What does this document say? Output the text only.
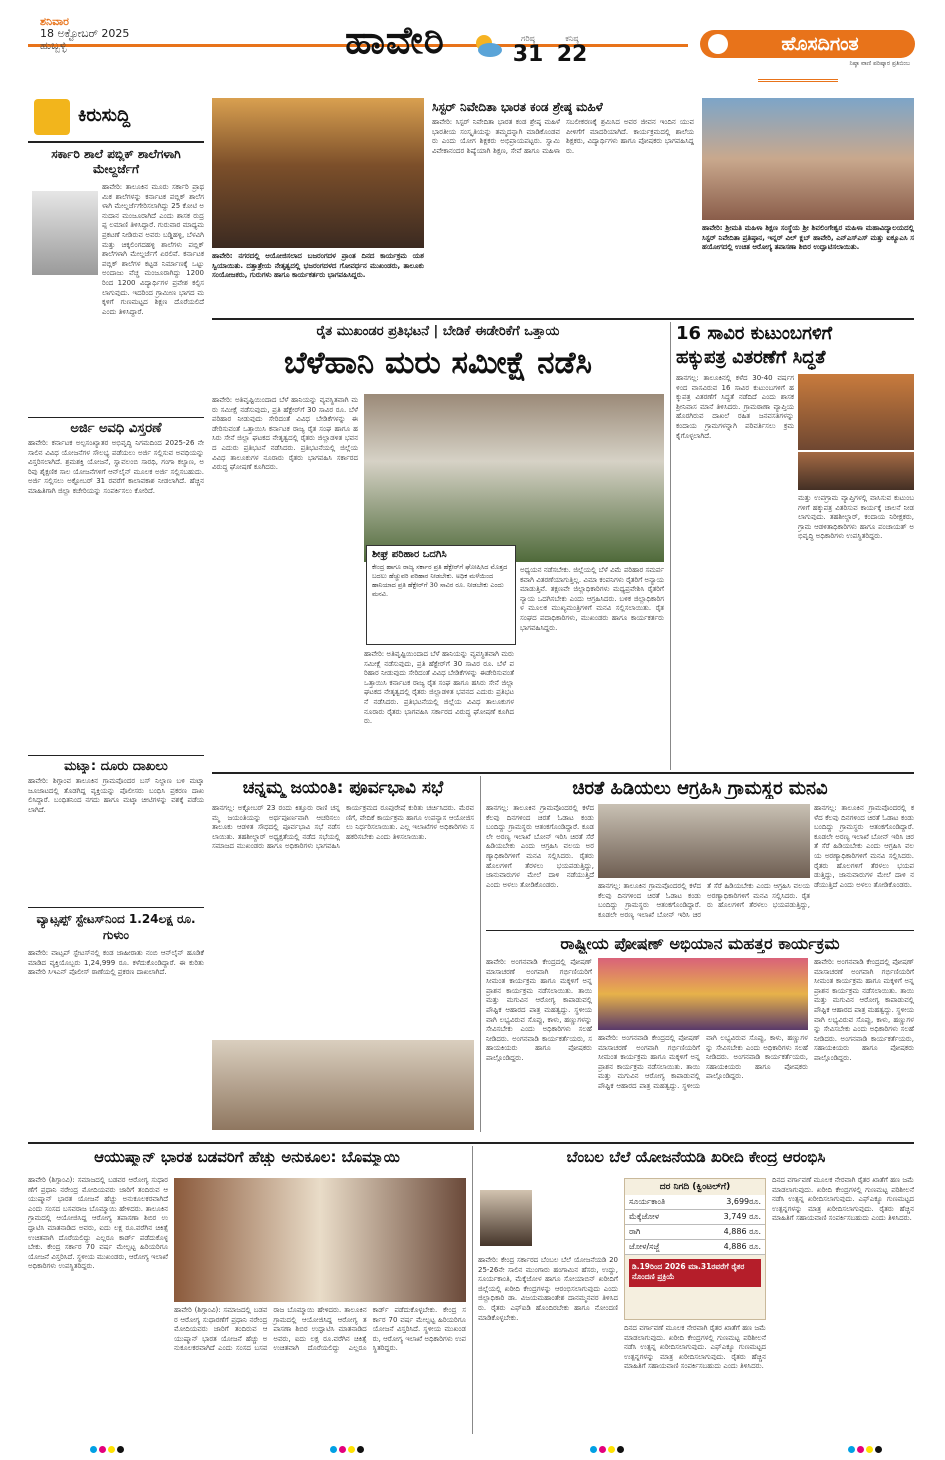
ಶನಿವಾರ
18 ಅಕ್ಟೋಬರ್ 2025
ಹುಬ್ಬಳ್ಳಿ	ಹಾವೇರಿ	ಗರಿಷ್ಠ
31
ಕನಿಷ್ಠ
22	ಹೊಸದಿಗಂತ
ನಿಷ್ಠಾ ವಾಣಿ ಪರಿಷ್ಕಾರ ಪ್ರತಿಬಿಂಬ
ಕಿರುಸುದ್ದಿ
ಸರ್ಕಾರಿ ಶಾಲೆ ಪಬ್ಲಿಕ್ ಶಾಲೆಗಳಾಗಿ ಮೇಲ್ದರ್ಜೆಗೆ
ಹಾವೇರಿ: ತಾಲೂಕಿನ ಮೂರು ಸರ್ಕಾರಿ ಪ್ರಾಥಮಿಕ ಶಾಲೆಗಳನ್ನು ಕರ್ನಾಟಕ ಪಬ್ಲಿಕ್ ಶಾಲೆಗಳಾಗಿ ಮೇಲ್ದರ್ಜೆಗೇರಿಸಲಾಗಿದ್ದು 25 ಕೋಟಿ ಅನುದಾನ ಮಂಜೂರಾಗಿದೆ ಎಂದು ಶಾಸಕ ರುದ್ರಪ್ಪ ಲಮಾಣಿ ತಿಳಿಸಿದ್ದಾರೆ. ಗುರುವಾರ ಮಾಧ್ಯಮ ಪ್ರಕಟಣೆ ನೀಡಿರುವ ಅವರು ಬಡ್ಡಿಹಳ್ಳಿ, ಬೆಳವಿಗಿ ಮತ್ತು ಚಿಕ್ಕಲಿಂಗದಹಳ್ಳಿ ಶಾಲೆಗಳು ಪಬ್ಲಿಕ್ ಶಾಲೆಗಳಾಗಿ ಮೇಲ್ದರ್ಜೆಗೆ ಏರಲಿವೆ. ಕರ್ನಾಟಕ ಪಬ್ಲಿಕ್ ಶಾಲೆಗಳ ಕಟ್ಟಡ ನಿರ್ಮಾಣಕ್ಕೆ ಒಟ್ಟು ಅಂದಾಜು ವೆಚ್ಚ ಮಂಜೂರಾಗಿದ್ದು 1200 ರಿಂದ 1200 ವಿದ್ಯಾರ್ಥಿಗಳ ಪ್ರವೇಶ ಕಲ್ಪಿಸಲಾಗುವುದು. ಇದರಿಂದ ಗ್ರಾಮೀಣ ಭಾಗದ ಮಕ್ಕಳಿಗೆ ಗುಣಮಟ್ಟದ ಶಿಕ್ಷಣ ದೊರೆಯಲಿದೆ ಎಂದು ತಿಳಿಸಿದ್ದಾರೆ.
ಅರ್ಜಿ ಅವಧಿ ವಿಸ್ತರಣೆ
ಹಾವೇರಿ: ಕರ್ನಾಟಕ ಅಲ್ಪಸಂಖ್ಯಾತರ ಅಭಿವೃದ್ಧಿ ನಿಗಮದಿಂದ 2025-26 ನೇ ಸಾಲಿನ ವಿವಿಧ ಯೋಜನೆಗಳ ಸೌಲಭ್ಯ ಪಡೆಯಲು ಅರ್ಜಿ ಸಲ್ಲಿಸುವ ಅವಧಿಯನ್ನು ವಿಸ್ತರಿಸಲಾಗಿದೆ. ಶ್ರಮಶಕ್ತಿ ಯೋಜನೆ, ಸ್ವಾವಲಂಬಿ ಸಾರಥಿ, ಗಂಗಾ ಕಲ್ಯಾಣ, ಅರಿವು ಶೈಕ್ಷಣಿಕ ಸಾಲ ಯೋಜನೆಗಳಿಗೆ ಆನ್‌ಲೈನ್ ಮೂಲಕ ಅರ್ಜಿ ಸಲ್ಲಿಸಬಹುದು. ಅರ್ಜಿ ಸಲ್ಲಿಸಲು ಅಕ್ಟೋಬರ್ 31 ರವರೆಗೆ ಕಾಲಾವಕಾಶ ನೀಡಲಾಗಿದೆ. ಹೆಚ್ಚಿನ ಮಾಹಿತಿಗಾಗಿ ಜಿಲ್ಲಾ ಕಚೇರಿಯನ್ನು ಸಂಪರ್ಕಿಸಲು ಕೋರಿದೆ.
ಮಟ್ಕಾ: ದೂರು ದಾಖಲು
ಹಾವೇರಿ: ಶಿಗ್ಗಾಂವ ತಾಲೂಕಿನ ಗ್ರಾಮವೊಂದರ ಬಸ್ ನಿಲ್ದಾಣ ಬಳಿ ಮಟ್ಕಾ ಜೂಜಾಟದಲ್ಲಿ ತೊಡಗಿದ್ದ ವ್ಯಕ್ತಿಯನ್ನು ಪೊಲೀಸರು ಬಂಧಿಸಿ ಪ್ರಕರಣ ದಾಖಲಿಸಿದ್ದಾರೆ. ಬಂಧಿತನಿಂದ ನಗದು ಹಾಗೂ ಮಟ್ಕಾ ಚೀಟಿಗಳನ್ನು ವಶಕ್ಕೆ ಪಡೆಯಲಾಗಿದೆ.
ವ್ಯಾಟ್ಸಪ್ಪ್ ಸ್ಟೇಟಸ್‌ನಿಂದ 1.24ಲಕ್ಷ ರೂ. ಗುಳುಂ
ಹಾವೇರಿ: ವಾಟ್ಸಪ್ ಸ್ಟೇಟಸ್‌ನಲ್ಲಿ ಕಂಡ ಜಾಹೀರಾತು ನಂಬಿ ಆನ್‌ಲೈನ್ ಹೂಡಿಕೆ ಮಾಡಿದ ವ್ಯಕ್ತಿಯೊಬ್ಬರು 1,24,999 ರೂ. ಕಳೆದುಕೊಂಡಿದ್ದಾರೆ. ಈ ಕುರಿತು ಹಾವೇರಿ ಸಿಇಎನ್ ಪೊಲೀಸ್ ಠಾಣೆಯಲ್ಲಿ ಪ್ರಕರಣ ದಾಖಲಾಗಿದೆ.
ಹಾವೇರಿ: ನಗರದಲ್ಲಿ ಆಯೋಜಿಸಲಾದ ಬಜರಂಗದಳ ಪ್ರಾಂತ ದಿನದ ಕಾರ್ಯಕ್ರಮ ಯಶಸ್ವಿಯಾಯಿತು. ದತ್ತಾತ್ರೇಯ ನೇತೃತ್ವದಲ್ಲಿ ಭಜರಂಗದಳದ ಗೋವರ್ಧನ ಮುಖಂಡರು, ತಾಲೂಕು ಸಂಯೋಜಕರು, ಗುರುಗಳು ಹಾಗೂ ಕಾರ್ಯಕರ್ತರು ಭಾಗವಹಿಸಿದ್ದರು.
ಸಿಸ್ಟರ್ ನಿವೇದಿತಾ ಭಾರತ ಕಂಡ ಶ್ರೇಷ್ಠ ಮಹಿಳೆ
ಹಾವೇರಿ: ಸಿಸ್ಟರ್ ನಿವೇದಿತಾ ಭಾರತ ಕಂಡ ಶ್ರೇಷ್ಠ ಮಹಿಳೆ ಭಾರತೀಯ ಸಂಸ್ಕೃತಿಯನ್ನು ತಮ್ಮದನ್ನಾಗಿ ಮಾಡಿಕೊಂಡವರು ಎಂದು ಯೋಗ ಶಿಕ್ಷಕರು ಅಭಿಪ್ರಾಯಪಟ್ಟರು. ಸ್ವಾಮಿ ವಿವೇಕಾನಂದರ ಶಿಷ್ಯೆಯಾಗಿ ಶಿಕ್ಷಣ, ಸೇವೆ ಹಾಗೂ ಮಹಿಳಾ ಸಬಲೀಕರಣಕ್ಕೆ ಶ್ರಮಿಸಿದ ಅವರ ಜೀವನ ಇಂದಿನ ಯುವ ಪೀಳಿಗೆಗೆ ಮಾದರಿಯಾಗಿದೆ. ಕಾರ್ಯಕ್ರಮದಲ್ಲಿ ಶಾಲೆಯ ಶಿಕ್ಷಕರು, ವಿದ್ಯಾರ್ಥಿಗಳು ಹಾಗೂ ಪೋಷಕರು ಭಾಗವಹಿಸಿದ್ದರು.
ಹಾವೇರಿ: ಶ್ರೀಮತಿ ಮಹಿಳಾ ಶಿಕ್ಷಣ ಸಂಸ್ಥೆಯ ಶ್ರೀ ಶಿವಲಿಂಗೇಶ್ವರ ಮಹಿಳಾ ಮಹಾವಿದ್ಯಾಲಯದಲ್ಲಿ ಸಿಸ್ಟರ್ ನಿವೇದಿತಾ ಪ್ರತಿಷ್ಠಾನ, ಇನ್ನರ್ ವಿಲ್ ಕ್ಲಬ್ ಹಾವೇರಿ, ಎನ್‌ಎಸ್‌ಎಸ್ ಮತ್ತು ಐಕ್ಯೂಎಸಿ ಸಹಯೋಗದಲ್ಲಿ ಉಚಿತ ಆರೋಗ್ಯ ತಪಾಸಣಾ ಶಿಬಿರ ಉದ್ಘಾಟಿಸಲಾಯಿತು.
ರೈತ ಮುಖಂಡರ ಪ್ರತಿಭಟನೆ | ಬೇಡಿಕೆ ಈಡೇರಿಕೆಗೆ ಒತ್ತಾಯ
ಬೆಳೆಹಾನಿ ಮರು ಸಮೀಕ್ಷೆ ನಡೆಸಿ
ಹಾವೇರಿ: ಅತಿವೃಷ್ಟಿಯಿಂದಾದ ಬೆಳೆ ಹಾನಿಯನ್ನು ವ್ಯವಸ್ಥಿತವಾಗಿ ಮರು ಸಮೀಕ್ಷೆ ನಡೆಸುವುದು, ಪ್ರತಿ ಹೆಕ್ಟೇರ್‌ಗೆ 30 ಸಾವಿರ ರೂ. ಬೆಳೆ ಪರಿಹಾರ ನೀಡುವುದು ಸೇರಿದಂತೆ ವಿವಿಧ ಬೇಡಿಕೆಗಳನ್ನು ಈಡೇರಿಸುವಂತೆ ಒತ್ತಾಯಿಸಿ ಕರ್ನಾಟಕ ರಾಜ್ಯ ರೈತ ಸಂಘ ಹಾಗೂ ಹಸಿರು ಸೇನೆ ಜಿಲ್ಲಾ ಘಟಕದ ನೇತೃತ್ವದಲ್ಲಿ ರೈತರು ಜಿಲ್ಲಾಡಳಿತ ಭವನದ ಎದುರು ಪ್ರತಿಭಟನೆ ನಡೆಸಿದರು. ಪ್ರತಿಭಟನೆಯಲ್ಲಿ ಜಿಲ್ಲೆಯ ವಿವಿಧ ತಾಲೂಕುಗಳ ನೂರಾರು ರೈತರು ಭಾಗವಹಿಸಿ ಸರ್ಕಾರದ ವಿರುದ್ಧ ಘೋಷಣೆ ಕೂಗಿದರು.
ಶೀಘ್ರ ಪರಿಹಾರ ಒದಗಿಸಿ
ಕೇಂದ್ರ ಹಾಗೂ ರಾಜ್ಯ ಸರ್ಕಾರ ಪ್ರತಿ ಹೆಕ್ಟೇರ್‌ಗೆ ಘೋಷಿಸಿದ ಮೊತ್ತದ ಬದಲು ಹೆಚ್ಚುವರಿ ಪರಿಹಾರ ನೀಡಬೇಕು. ಅಧಿಕ ಮಳೆಯಿಂದ ಹಾನಿಯಾದ ಪ್ರತಿ ಹೆಕ್ಟೇರ್‌ಗೆ 30 ಸಾವಿರ ರೂ. ನೀಡಬೇಕು ಎಂದು ಮನವಿ.
ಅಧ್ಯಯನ ನಡೆಸಬೇಕು. ಜಿಲ್ಲೆಯಲ್ಲಿ ಬೆಳೆ ವಿಮೆ ಪರಿಹಾರ ಸಮರ್ಪಕವಾಗಿ ವಿತರಣೆಯಾಗುತ್ತಿಲ್ಲ. ವಿಮಾ ಕಂಪನಿಗಳು ರೈತರಿಗೆ ಅನ್ಯಾಯ ಮಾಡುತ್ತಿವೆ. ತಕ್ಷಣವೇ ಜಿಲ್ಲಾಧಿಕಾರಿಗಳು ಮಧ್ಯಪ್ರವೇಶಿಸಿ ರೈತರಿಗೆ ನ್ಯಾಯ ಒದಗಿಸಬೇಕು ಎಂದು ಆಗ್ರಹಿಸಿದರು. ಬಳಿಕ ಜಿಲ್ಲಾಧಿಕಾರಿಗಳ ಮೂಲಕ ಮುಖ್ಯಮಂತ್ರಿಗಳಿಗೆ ಮನವಿ ಸಲ್ಲಿಸಲಾಯಿತು. ರೈತ ಸಂಘದ ಪದಾಧಿಕಾರಿಗಳು, ಮುಖಂಡರು ಹಾಗೂ ಕಾರ್ಯಕರ್ತರು ಭಾಗವಹಿಸಿದ್ದರು.
ಹಾವೇರಿ: ಅತಿವೃಷ್ಟಿಯಿಂದಾದ ಬೆಳೆ ಹಾನಿಯನ್ನು ವ್ಯವಸ್ಥಿತವಾಗಿ ಮರು ಸಮೀಕ್ಷೆ ನಡೆಸುವುದು, ಪ್ರತಿ ಹೆಕ್ಟೇರ್‌ಗೆ 30 ಸಾವಿರ ರೂ. ಬೆಳೆ ಪರಿಹಾರ ನೀಡುವುದು ಸೇರಿದಂತೆ ವಿವಿಧ ಬೇಡಿಕೆಗಳನ್ನು ಈಡೇರಿಸುವಂತೆ ಒತ್ತಾಯಿಸಿ ಕರ್ನಾಟಕ ರಾಜ್ಯ ರೈತ ಸಂಘ ಹಾಗೂ ಹಸಿರು ಸೇನೆ ಜಿಲ್ಲಾ ಘಟಕದ ನೇತೃತ್ವದಲ್ಲಿ ರೈತರು ಜಿಲ್ಲಾಡಳಿತ ಭವನದ ಎದುರು ಪ್ರತಿಭಟನೆ ನಡೆಸಿದರು. ಪ್ರತಿಭಟನೆಯಲ್ಲಿ ಜಿಲ್ಲೆಯ ವಿವಿಧ ತಾಲೂಕುಗಳ ನೂರಾರು ರೈತರು ಭಾಗವಹಿಸಿ ಸರ್ಕಾರದ ವಿರುದ್ಧ ಘೋಷಣೆ ಕೂಗಿದರು.
16 ಸಾವಿರ ಕುಟುಂಬಗಳಿಗೆ
ಹಕ್ಕುಪತ್ರ ವಿತರಣೆಗೆ ಸಿದ್ಧತೆ
ಹಾನಗಲ್ಲ: ತಾಲೂಕಿನಲ್ಲಿ ಕಳೆದ 30-40 ವರ್ಷಗಳಿಂದ ವಾಸವಿರುವ 16 ಸಾವಿರ ಕುಟುಂಬಗಳಿಗೆ ಹಕ್ಕುಪತ್ರ ವಿತರಣೆಗೆ ಸಿದ್ಧತೆ ನಡೆದಿದೆ ಎಂದು ಶಾಸಕ ಶ್ರೀನಿವಾಸ ಮಾನೆ ತಿಳಿಸಿದರು. ಗ್ರಾಮಠಾಣಾ ವ್ಯಾಪ್ತಿಯ ಹೊರಗಿರುವ ದಾಖಲೆ ರಹಿತ ಜನವಸತಿಗಳನ್ನು ಕಂದಾಯ ಗ್ರಾಮಗಳನ್ನಾಗಿ ಪರಿವರ್ತಿಸಲು ಕ್ರಮ ಕೈಗೊಳ್ಳಲಾಗಿದೆ.
ಮತ್ತು ಉಪಗ್ರಾಮ ವ್ಯಾಪ್ತಿಗಳಲ್ಲಿ ವಾಸಿಸುವ ಕುಟುಂಬಗಳಿಗೆ ಹಕ್ಕುಪತ್ರ ವಿತರಿಸುವ ಕಾರ್ಯಕ್ಕೆ ಚಾಲನೆ ನೀಡಲಾಗುವುದು. ತಹಶೀಲ್ದಾರ್, ಕಂದಾಯ ನಿರೀಕ್ಷಕರು, ಗ್ರಾಮ ಆಡಳಿತಾಧಿಕಾರಿಗಳು ಹಾಗೂ ಪಂಚಾಯತ್ ಅಭಿವೃದ್ಧಿ ಅಧಿಕಾರಿಗಳು ಉಪಸ್ಥಿತರಿದ್ದರು.
ಚನ್ನಮ್ಮ ಜಯಂತಿ: ಪೂರ್ವಭಾವಿ ಸಭೆ
ಹಾನಗಲ್ಲ: ಅಕ್ಟೋಬರ್ 23 ರಂದು ಕಿತ್ತೂರು ರಾಣಿ ಚನ್ನಮ್ಮ ಜಯಂತಿಯನ್ನು ಅರ್ಥಪೂರ್ಣವಾಗಿ ಆಚರಿಸಲು ತಾಲೂಕು ಆಡಳಿತ ಸೌಧದಲ್ಲಿ ಪೂರ್ವಭಾವಿ ಸಭೆ ನಡೆಸಲಾಯಿತು. ತಹಶೀಲ್ದಾರ್ ಅಧ್ಯಕ್ಷತೆಯಲ್ಲಿ ನಡೆದ ಸಭೆಯಲ್ಲಿ ಸಮಾಜದ ಮುಖಂಡರು ಹಾಗೂ ಅಧಿಕಾರಿಗಳು ಭಾಗವಹಿಸಿ ಕಾರ್ಯಕ್ರಮದ ರೂಪುರೇಷೆ ಕುರಿತು ಚರ್ಚಿಸಿದರು. ಮೆರವಣಿಗೆ, ವೇದಿಕೆ ಕಾರ್ಯಕ್ರಮ ಹಾಗೂ ಉಪನ್ಯಾಸ ಆಯೋಜಿಸಲು ನಿರ್ಧರಿಸಲಾಯಿತು. ಎಲ್ಲ ಇಲಾಖೆಗಳ ಅಧಿಕಾರಿಗಳು ಸಹಕರಿಸಬೇಕು ಎಂದು ತಿಳಿಸಲಾಯಿತು.
ಚಿರತೆ ಹಿಡಿಯಲು ಆಗ್ರಹಿಸಿ ಗ್ರಾಮಸ್ಥರ ಮನವಿ
ಹಾನಗಲ್ಲ: ತಾಲೂಕಿನ ಗ್ರಾಮವೊಂದರಲ್ಲಿ ಕಳೆದ ಕೆಲವು ದಿನಗಳಿಂದ ಚಿರತೆ ಓಡಾಟ ಕಂಡು ಬಂದಿದ್ದು ಗ್ರಾಮಸ್ಥರು ಆತಂಕಗೊಂಡಿದ್ದಾರೆ. ಕೂಡಲೇ ಅರಣ್ಯ ಇಲಾಖೆ ಬೋನ್ ಇರಿಸಿ ಚಿರತೆ ಸೆರೆ ಹಿಡಿಯಬೇಕು ಎಂದು ಆಗ್ರಹಿಸಿ ವಲಯ ಅರಣ್ಯಾಧಿಕಾರಿಗಳಿಗೆ ಮನವಿ ಸಲ್ಲಿಸಿದರು. ರೈತರು ಹೊಲಗಳಿಗೆ ತೆರಳಲು ಭಯಪಡುತ್ತಿದ್ದು, ಜಾನುವಾರುಗಳ ಮೇಲೆ ದಾಳಿ ನಡೆಯುತ್ತಿದೆ ಎಂದು ಅಳಲು ತೋಡಿಕೊಂಡರು.	ಹಾನಗಲ್ಲ: ತಾಲೂಕಿನ ಗ್ರಾಮವೊಂದರಲ್ಲಿ ಕಳೆದ ಕೆಲವು ದಿನಗಳಿಂದ ಚಿರತೆ ಓಡಾಟ ಕಂಡು ಬಂದಿದ್ದು ಗ್ರಾಮಸ್ಥರು ಆತಂಕಗೊಂಡಿದ್ದಾರೆ. ಕೂಡಲೇ ಅರಣ್ಯ ಇಲಾಖೆ ಬೋನ್ ಇರಿಸಿ ಚಿರತೆ ಸೆರೆ ಹಿಡಿಯಬೇಕು ಎಂದು ಆಗ್ರಹಿಸಿ ವಲಯ ಅರಣ್ಯಾಧಿಕಾರಿಗಳಿಗೆ ಮನವಿ ಸಲ್ಲಿಸಿದರು. ರೈತರು ಹೊಲಗಳಿಗೆ ತೆರಳಲು ಭಯಪಡುತ್ತಿದ್ದು,
ಹಾನಗಲ್ಲ: ತಾಲೂಕಿನ ಗ್ರಾಮವೊಂದರಲ್ಲಿ ಕಳೆದ ಕೆಲವು ದಿನಗಳಿಂದ ಚಿರತೆ ಓಡಾಟ ಕಂಡು ಬಂದಿದ್ದು ಗ್ರಾಮಸ್ಥರು ಆತಂಕಗೊಂಡಿದ್ದಾರೆ. ಕೂಡಲೇ ಅರಣ್ಯ ಇಲಾಖೆ ಬೋನ್ ಇರಿಸಿ ಚಿರತೆ ಸೆರೆ ಹಿಡಿಯಬೇಕು ಎಂದು ಆಗ್ರಹಿಸಿ ವಲಯ ಅರಣ್ಯಾಧಿಕಾರಿಗಳಿಗೆ ಮನವಿ ಸಲ್ಲಿಸಿದರು. ರೈತರು ಹೊಲಗಳಿಗೆ ತೆರಳಲು ಭಯಪಡುತ್ತಿದ್ದು, ಜಾನುವಾರುಗಳ ಮೇಲೆ ದಾಳಿ ನಡೆಯುತ್ತಿದೆ ಎಂದು ಅಳಲು ತೋಡಿಕೊಂಡರು.
ರಾಷ್ಟ್ರೀಯ ಪೋಷಣ್ ಅಭಿಯಾನ ಮಹತ್ತರ ಕಾರ್ಯಕ್ರಮ
ಹಾವೇರಿ: ಅಂಗನವಾಡಿ ಕೇಂದ್ರದಲ್ಲಿ ಪೋಷಣ್ ಮಾಸಾಚರಣೆ ಅಂಗವಾಗಿ ಗರ್ಭಿಣಿಯರಿಗೆ ಸೀಮಂತ ಕಾರ್ಯಕ್ರಮ ಹಾಗೂ ಮಕ್ಕಳಿಗೆ ಅನ್ನಪ್ರಾಶನ ಕಾರ್ಯಕ್ರಮ ನಡೆಸಲಾಯಿತು. ತಾಯಿ ಮತ್ತು ಮಗುವಿನ ಆರೋಗ್ಯ ಕಾಪಾಡುವಲ್ಲಿ ಪೌಷ್ಟಿಕ ಆಹಾರದ ಪಾತ್ರ ಮಹತ್ವದ್ದು. ಸ್ಥಳೀಯವಾಗಿ ಲಭ್ಯವಿರುವ ಸೊಪ್ಪು, ಕಾಳು, ಹಣ್ಣುಗಳನ್ನು ಸೇವಿಸಬೇಕು ಎಂದು ಅಧಿಕಾರಿಗಳು ಸಲಹೆ ನೀಡಿದರು. ಅಂಗನವಾಡಿ ಕಾರ್ಯಕರ್ತೆಯರು, ಸಹಾಯಕಿಯರು ಹಾಗೂ ಪೋಷಕರು ಪಾಲ್ಗೊಂಡಿದ್ದರು.
ಹಾವೇರಿ: ಅಂಗನವಾಡಿ ಕೇಂದ್ರದಲ್ಲಿ ಪೋಷಣ್ ಮಾಸಾಚರಣೆ ಅಂಗವಾಗಿ ಗರ್ಭಿಣಿಯರಿಗೆ ಸೀಮಂತ ಕಾರ್ಯಕ್ರಮ ಹಾಗೂ ಮಕ್ಕಳಿಗೆ ಅನ್ನಪ್ರಾಶನ ಕಾರ್ಯಕ್ರಮ ನಡೆಸಲಾಯಿತು. ತಾಯಿ ಮತ್ತು ಮಗುವಿನ ಆರೋಗ್ಯ ಕಾಪಾಡುವಲ್ಲಿ ಪೌಷ್ಟಿಕ ಆಹಾರದ ಪಾತ್ರ ಮಹತ್ವದ್ದು. ಸ್ಥಳೀಯವಾಗಿ ಲಭ್ಯವಿರುವ ಸೊಪ್ಪು, ಕಾಳು, ಹಣ್ಣುಗಳನ್ನು ಸೇವಿಸಬೇಕು ಎಂದು ಅಧಿಕಾರಿಗಳು ಸಲಹೆ ನೀಡಿದರು. ಅಂಗನವಾಡಿ ಕಾರ್ಯಕರ್ತೆಯರು, ಸಹಾಯಕಿಯರು ಹಾಗೂ ಪೋಷಕರು ಪಾಲ್ಗೊಂಡಿದ್ದರು.
ಹಾವೇರಿ: ಅಂಗನವಾಡಿ ಕೇಂದ್ರದಲ್ಲಿ ಪೋಷಣ್ ಮಾಸಾಚರಣೆ ಅಂಗವಾಗಿ ಗರ್ಭಿಣಿಯರಿಗೆ ಸೀಮಂತ ಕಾರ್ಯಕ್ರಮ ಹಾಗೂ ಮಕ್ಕಳಿಗೆ ಅನ್ನಪ್ರಾಶನ ಕಾರ್ಯಕ್ರಮ ನಡೆಸಲಾಯಿತು. ತಾಯಿ ಮತ್ತು ಮಗುವಿನ ಆರೋಗ್ಯ ಕಾಪಾಡುವಲ್ಲಿ ಪೌಷ್ಟಿಕ ಆಹಾರದ ಪಾತ್ರ ಮಹತ್ವದ್ದು. ಸ್ಥಳೀಯವಾಗಿ ಲಭ್ಯವಿರುವ ಸೊಪ್ಪು, ಕಾಳು, ಹಣ್ಣುಗಳನ್ನು ಸೇವಿಸಬೇಕು ಎಂದು ಅಧಿಕಾರಿಗಳು ಸಲಹೆ ನೀಡಿದರು. ಅಂಗನವಾಡಿ ಕಾರ್ಯಕರ್ತೆಯರು, ಸಹಾಯಕಿಯರು ಹಾಗೂ ಪೋಷಕರು ಪಾಲ್ಗೊಂಡಿದ್ದರು.
ಆಯುಷ್ಮಾನ್ ಭಾರತ ಬಡವರಿಗೆ ಹೆಚ್ಚು ಅನುಕೂಲ: ಬೊಮ್ಮಾಯಿ
ಹಾವೇರಿ (ಶಿಗ್ಗಾಂವಿ): ಸಮಾಜದಲ್ಲಿ ಬಡವರ ಆರೋಗ್ಯ ಸುಧಾರಣೆಗೆ ಪ್ರಧಾನಿ ನರೇಂದ್ರ ಮೋದಿಯವರು ಜಾರಿಗೆ ತಂದಿರುವ ಆಯುಷ್ಮಾನ್ ಭಾರತ ಯೋಜನೆ ಹೆಚ್ಚು ಅನುಕೂಲಕರವಾಗಿದೆ ಎಂದು ಸಂಸದ ಬಸವರಾಜ ಬೊಮ್ಮಾಯಿ ಹೇಳಿದರು. ತಾಲೂಕಿನ ಗ್ರಾಮದಲ್ಲಿ ಆಯೋಜಿಸಿದ್ದ ಆರೋಗ್ಯ ತಪಾಸಣಾ ಶಿಬಿರ ಉದ್ಘಾಟಿಸಿ ಮಾತನಾಡಿದ ಅವರು, ಐದು ಲಕ್ಷ ರೂ.ವರೆಗಿನ ಚಿಕಿತ್ಸೆ ಉಚಿತವಾಗಿ ದೊರೆಯಲಿದ್ದು ಎಲ್ಲರೂ ಕಾರ್ಡ್ ಪಡೆದುಕೊಳ್ಳಬೇಕು. ಕೇಂದ್ರ ಸರ್ಕಾರ 70 ವರ್ಷ ಮೇಲ್ಪಟ್ಟ ಹಿರಿಯರಿಗೂ ಯೋಜನೆ ವಿಸ್ತರಿಸಿದೆ. ಸ್ಥಳೀಯ ಮುಖಂಡರು, ಆರೋಗ್ಯ ಇಲಾಖೆ ಅಧಿಕಾರಿಗಳು ಉಪಸ್ಥಿತರಿದ್ದರು.
ಹಾವೇರಿ (ಶಿಗ್ಗಾಂವಿ): ಸಮಾಜದಲ್ಲಿ ಬಡವರ ಆರೋಗ್ಯ ಸುಧಾರಣೆಗೆ ಪ್ರಧಾನಿ ನರೇಂದ್ರ ಮೋದಿಯವರು ಜಾರಿಗೆ ತಂದಿರುವ ಆಯುಷ್ಮಾನ್ ಭಾರತ ಯೋಜನೆ ಹೆಚ್ಚು ಅನುಕೂಲಕರವಾಗಿದೆ ಎಂದು ಸಂಸದ ಬಸವರಾಜ ಬೊಮ್ಮಾಯಿ ಹೇಳಿದರು. ತಾಲೂಕಿನ ಗ್ರಾಮದಲ್ಲಿ ಆಯೋಜಿಸಿದ್ದ ಆರೋಗ್ಯ ತಪಾಸಣಾ ಶಿಬಿರ ಉದ್ಘಾಟಿಸಿ ಮಾತನಾಡಿದ ಅವರು, ಐದು ಲಕ್ಷ ರೂ.ವರೆಗಿನ ಚಿಕಿತ್ಸೆ ಉಚಿತವಾಗಿ ದೊರೆಯಲಿದ್ದು ಎಲ್ಲರೂ ಕಾರ್ಡ್ ಪಡೆದುಕೊಳ್ಳಬೇಕು. ಕೇಂದ್ರ ಸರ್ಕಾರ 70 ವರ್ಷ ಮೇಲ್ಪಟ್ಟ ಹಿರಿಯರಿಗೂ ಯೋಜನೆ ವಿಸ್ತರಿಸಿದೆ. ಸ್ಥಳೀಯ ಮುಖಂಡರು, ಆರೋಗ್ಯ ಇಲಾಖೆ ಅಧಿಕಾರಿಗಳು ಉಪಸ್ಥಿತರಿದ್ದರು.
ಬೆಂಬಲ ಬೆಲೆ ಯೋಜನೆಯಡಿ ಖರೀದಿ ಕೇಂದ್ರ ಆರಂಭಿಸಿ
ಹಾವೇರಿ: ಕೇಂದ್ರ ಸರ್ಕಾರದ ಬೆಂಬಲ ಬೆಲೆ ಯೋಜನೆಯಡಿ 2025-26ನೇ ಸಾಲಿನ ಮುಂಗಾರು ಹಂಗಾಮಿನ ಹೆಸರು, ಉದ್ದು, ಸೂರ್ಯಕಾಂತಿ, ಮೆಕ್ಕೆಜೋಳ ಹಾಗೂ ಸೋಯಾಬಿನ್ ಖರೀದಿಗೆ ಜಿಲ್ಲೆಯಲ್ಲಿ ಖರೀದಿ ಕೇಂದ್ರಗಳನ್ನು ಆರಂಭಿಸಲಾಗುವುದು ಎಂದು ಜಿಲ್ಲಾಧಿಕಾರಿ ಡಾ. ವಿಜಯಮಹಾಂತೇಶ ದಾನಮ್ಮನವರ ತಿಳಿಸಿದರು. ರೈತರು ಎಫ್‌ಐಡಿ ಹೊಂದಿರಬೇಕು ಹಾಗೂ ನೋಂದಣಿ ಮಾಡಿಕೊಳ್ಳಬೇಕು.
ದರ ನಿಗದಿ (ಕ್ವಿಂಟಲ್‌ಗೆ)
ಸೂರ್ಯಕಾಂತಿ	3,699ರೂ.
ಮೆಕ್ಕೆಜೋಳ	3,749 ರೂ.
ರಾಗಿ	4,886 ರೂ.
ಜೋಳ/ಸಜ್ಜೆ	4,886 ರೂ.
ಡಿ.19ರಿಂದ 2026 ಮಾ.31ರವರೆಗೆ ರೈತರ ನೊಂದಣಿ ಪ್ರಕ್ರಿಯೆ
ದಿನದ ವರ್ಗಾವಣೆ ಮೂಲಕ ನೇರವಾಗಿ ರೈತರ ಖಾತೆಗೆ ಹಣ ಜಮೆ ಮಾಡಲಾಗುವುದು. ಖರೀದಿ ಕೇಂದ್ರಗಳಲ್ಲಿ ಗುಣಮಟ್ಟ ಪರಿಶೀಲನೆ ನಡೆಸಿ ಉತ್ಪನ್ನ ಖರೀದಿಸಲಾಗುವುದು. ಎಫ್‌ಎಕ್ಯೂ ಗುಣಮಟ್ಟದ ಉತ್ಪನ್ನಗಳನ್ನು ಮಾತ್ರ ಖರೀದಿಸಲಾಗುವುದು. ರೈತರು ಹೆಚ್ಚಿನ ಮಾಹಿತಿಗೆ ಸಹಾಯವಾಣಿ ಸಂಪರ್ಕಿಸಬಹುದು ಎಂದು ತಿಳಿಸಿದರು.
ದಿನದ ವರ್ಗಾವಣೆ ಮೂಲಕ ನೇರವಾಗಿ ರೈತರ ಖಾತೆಗೆ ಹಣ ಜಮೆ ಮಾಡಲಾಗುವುದು. ಖರೀದಿ ಕೇಂದ್ರಗಳಲ್ಲಿ ಗುಣಮಟ್ಟ ಪರಿಶೀಲನೆ ನಡೆಸಿ ಉತ್ಪನ್ನ ಖರೀದಿಸಲಾಗುವುದು. ಎಫ್‌ಎಕ್ಯೂ ಗುಣಮಟ್ಟದ ಉತ್ಪನ್ನಗಳನ್ನು ಮಾತ್ರ ಖರೀದಿಸಲಾಗುವುದು. ರೈತರು ಹೆಚ್ಚಿನ ಮಾಹಿತಿಗೆ ಸಹಾಯವಾಣಿ ಸಂಪರ್ಕಿಸಬಹುದು ಎಂದು ತಿಳಿಸಿದರು.
